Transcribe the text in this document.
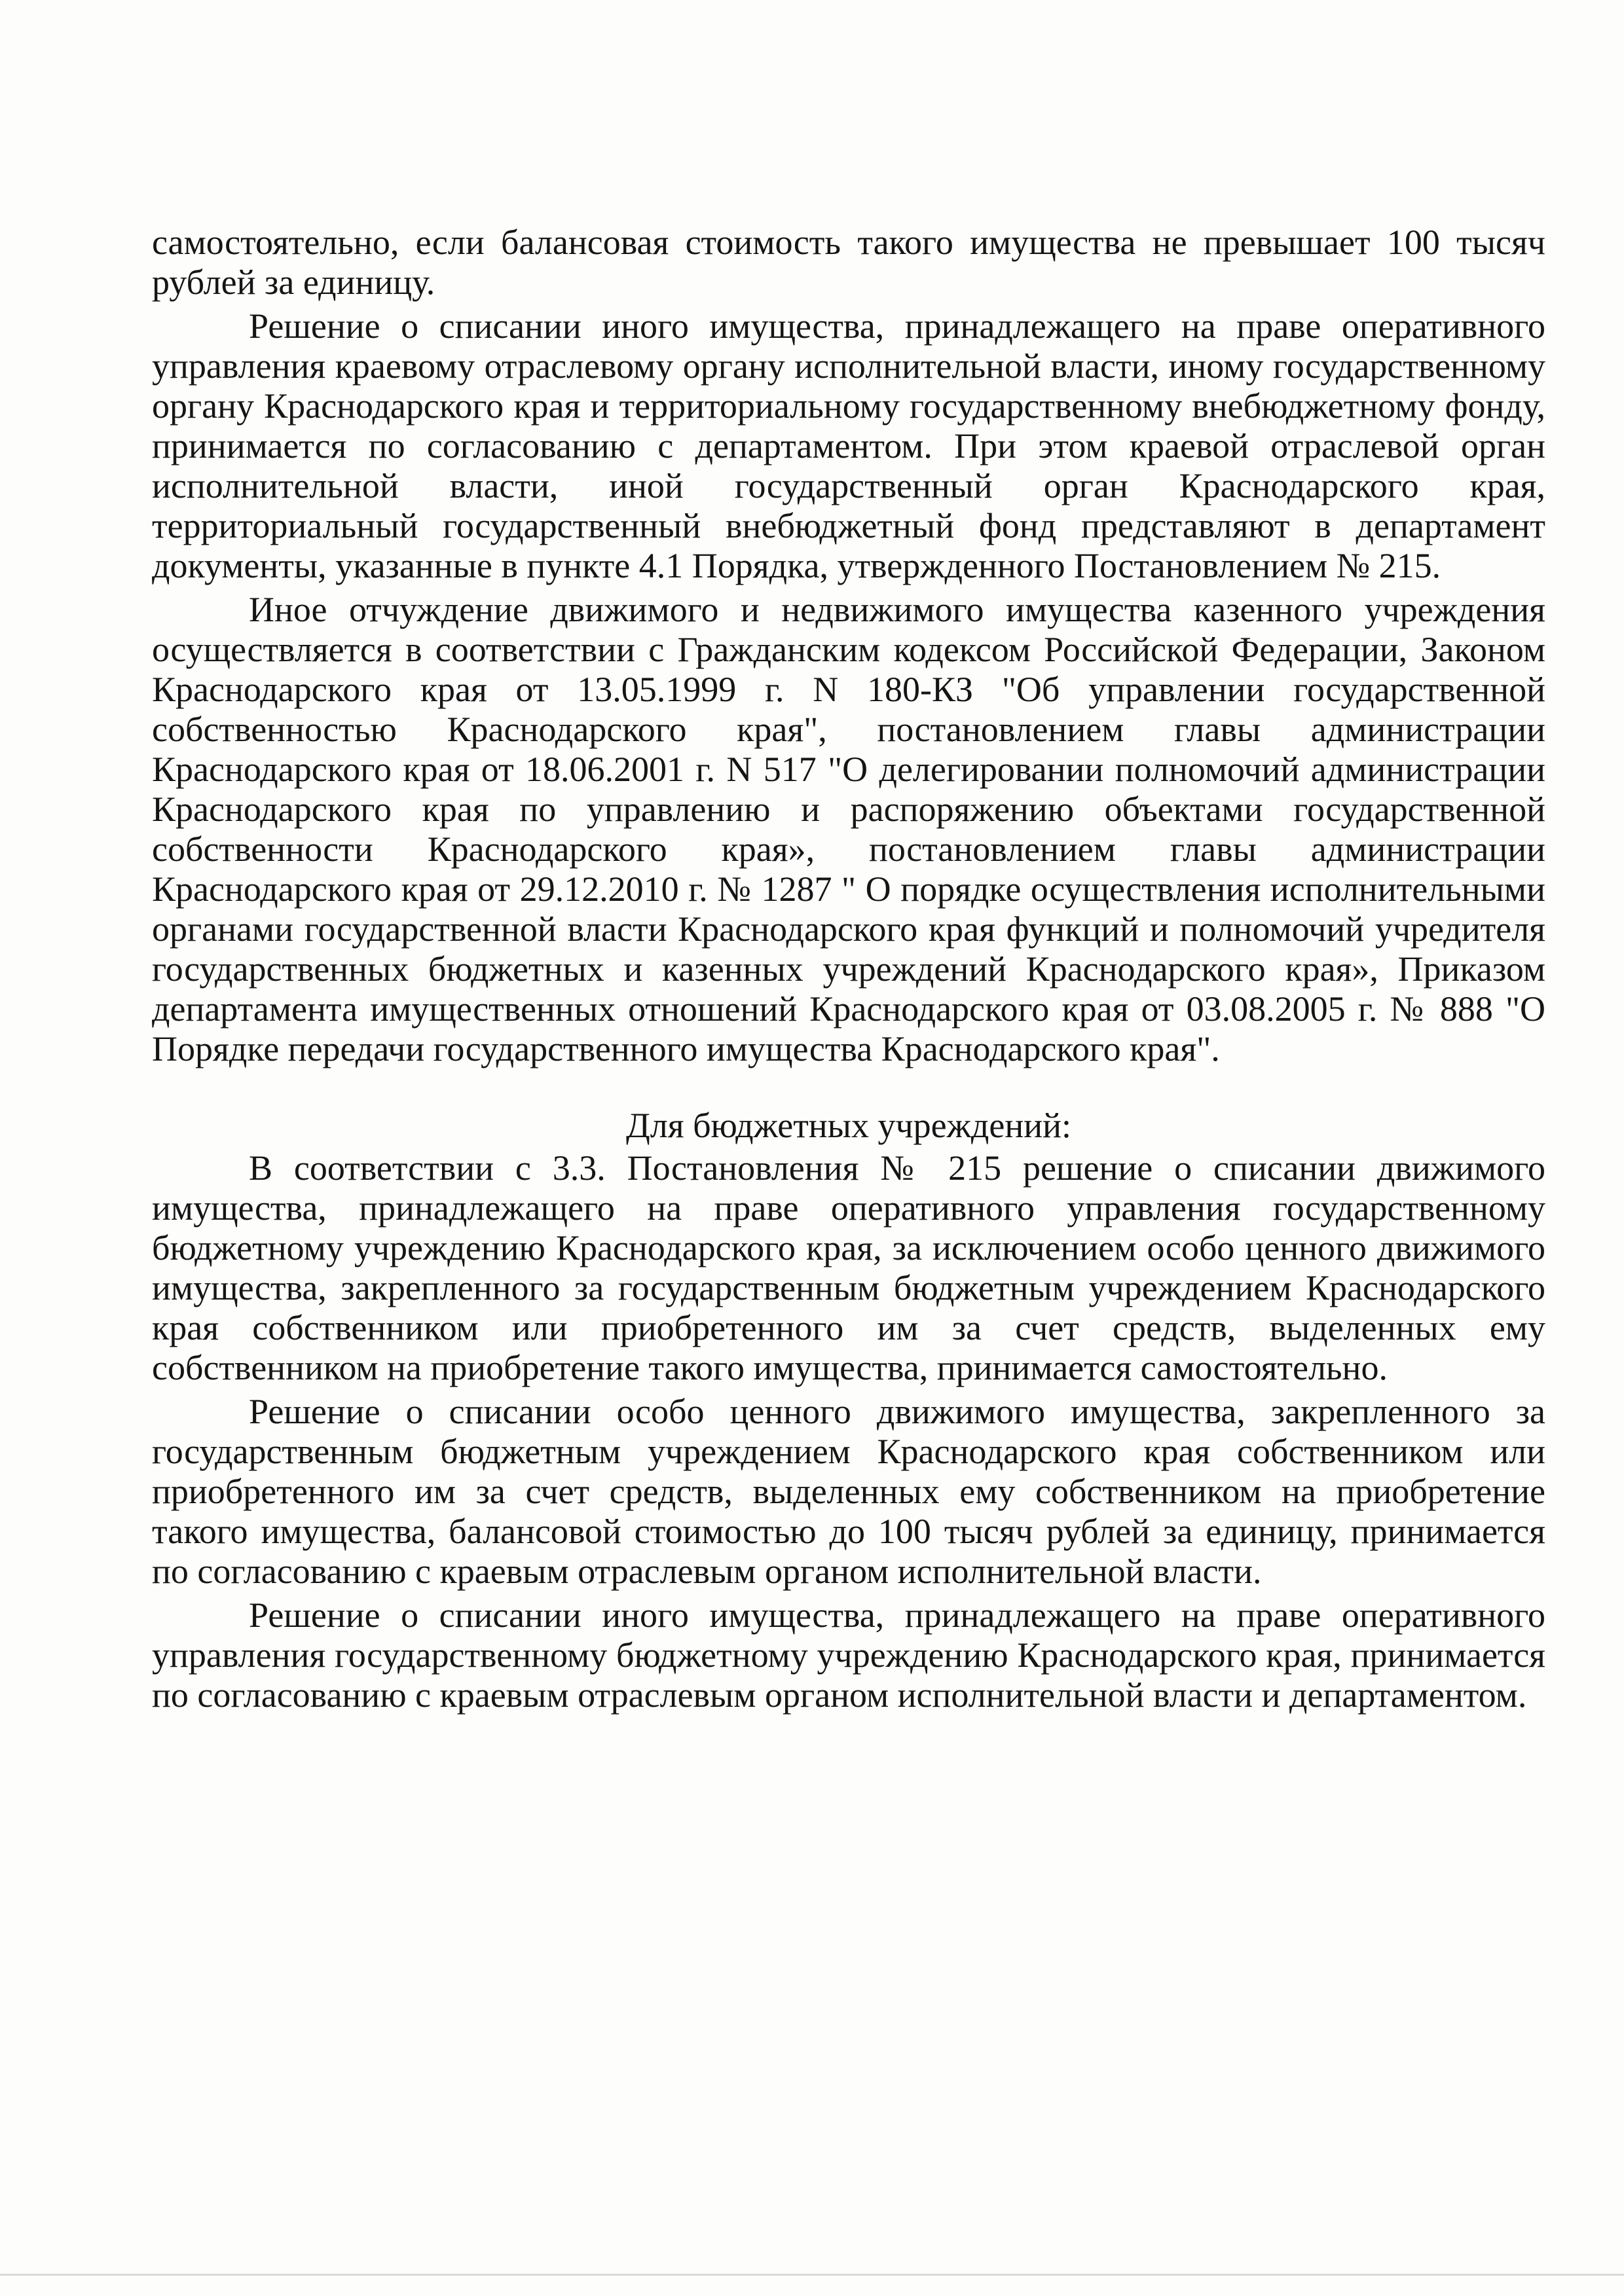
самостоятельно, если балансовая стоимость такого имущества не превышает 100 тысяч рублей за единицу.

Решение о списании иного имущества, принадлежащего на праве оперативного управления краевому отраслевому органу исполнительной власти, иному государственному органу Краснодарского края и территориальному государственному внебюджетному фонду, принимается по согласованию с департаментом. При этом краевой отраслевой орган исполнительной власти, иной государственный орган Краснодарского края, территориальный государственный внебюджетный фонд представляют в департамент документы, указанные в пункте 4.1 Порядка, утвержденного Постановлением № 215.

Иное отчуждение движимого и недвижимого имущества казенного учреждения осуществляется в соответствии с Гражданским кодексом Российской Федерации, Законом Краснодарского края от 13.05.1999 г. N 180-КЗ "Об управлении государственной собственностью Краснодарского края", постановлением главы администрации Краснодарского края от 18.06.2001 г. N 517 "О делегировании полномочий администрации Краснодарского края по управлению и распоряжению объектами государственной собственности Краснодарского края», постановлением главы администрации Краснодарского края от 29.12.2010 г. № 1287 " О порядке осуществления исполнительными органами государственной власти Краснодарского края функций и полномочий учредителя государственных бюджетных и казенных учреждений Краснодарского края», Приказом департамента имущественных отношений Краснодарского края от 03.08.2005 г. № 888 "О Порядке передачи государственного имущества Краснодарского края".

Для бюджетных учреждений:

В соответствии с 3.3. Постановления № 215 решение о списании движимого имущества, принадлежащего на праве оперативного управления государственному бюджетному учреждению Краснодарского края, за исключением особо ценного движимого имущества, закрепленного за государственным бюджетным учреждением Краснодарского края собственником или приобретенного им за счет средств, выделенных ему собственником на приобретение такого имущества, принимается самостоятельно.

Решение о списании особо ценного движимого имущества, закрепленного за государственным бюджетным учреждением Краснодарского края собственником или приобретенного им за счет средств, выделенных ему собственником на приобретение такого имущества, балансовой стоимостью до 100 тысяч рублей за единицу, принимается по согласованию с краевым отраслевым органом исполнительной власти.

Решение о списании иного имущества, принадлежащего на праве оперативного управления государственному бюджетному учреждению Краснодарского края, принимается по согласованию с краевым отраслевым органом исполнительной власти и департаментом.
